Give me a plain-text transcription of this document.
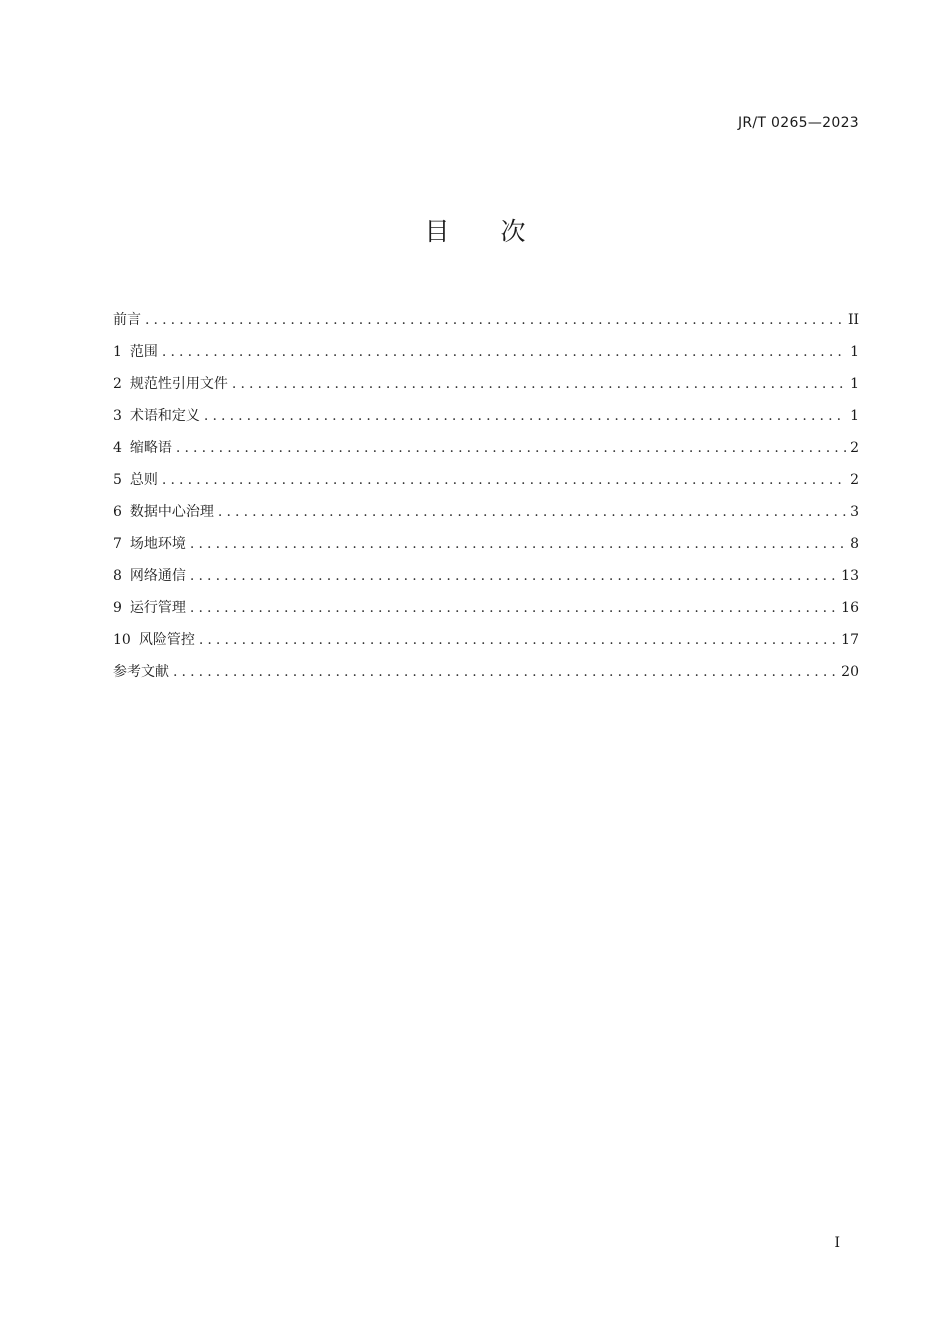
JR/T 0265—2023
目 次
前言 .....	II
1 范围 .....	1
2 规范性引用文件 .....	1
3 术语和定义 .....	1
4 缩略语 .....	2
5 总则 .....	2
6 数据中心治理 .....	3
7 场地环境 .....	8
8 网络通信 .....	13
9 运行管理 .....	16
10 风险管控 .....	17
参考文献 .....	20
I
